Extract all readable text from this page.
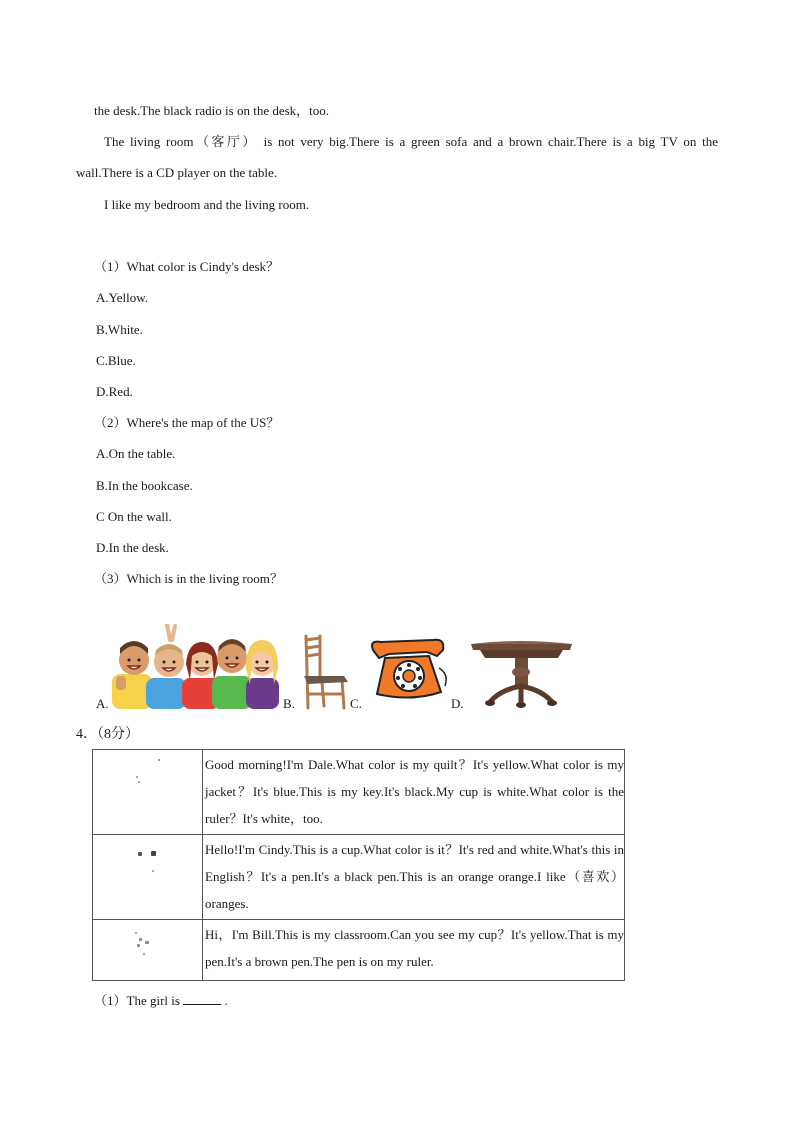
the desk.The black radio is on the desk，too.
The living room（客厅） is not very big.There is a green sofa and a brown chair.There is a big TV on the
wall.There is a CD player on the table.
I like my bedroom and the living room.
（1）What color is Cindy's desk？
A.Yellow.
B.White.
C.Blue.
D.Red.
（2）Where's the map of the US？
A.On the table.
B.In the bookcase.
C On the wall.
D.In the desk.
（3）Which is in the living room？
A.	B.	C.	D.
4．（8分）
	Good morning!I'm Dale.What color is my quilt？It's yellow.What color is my jacket？It's blue.This is my key.It's black.My cup is white.What color is the ruler？It's white，too.

	Hello!I'm Cindy.This is a cup.What color is it？It's red and white.What's this in English？It's a pen.It's a black pen.This is an orange orange.I like（喜欢） oranges.

	Hi，I'm Bill.This is my classroom.Can you see my cup？It's yellow.That is my pen.It's a brown pen.The pen is on my ruler.
（1）The girl is	.
